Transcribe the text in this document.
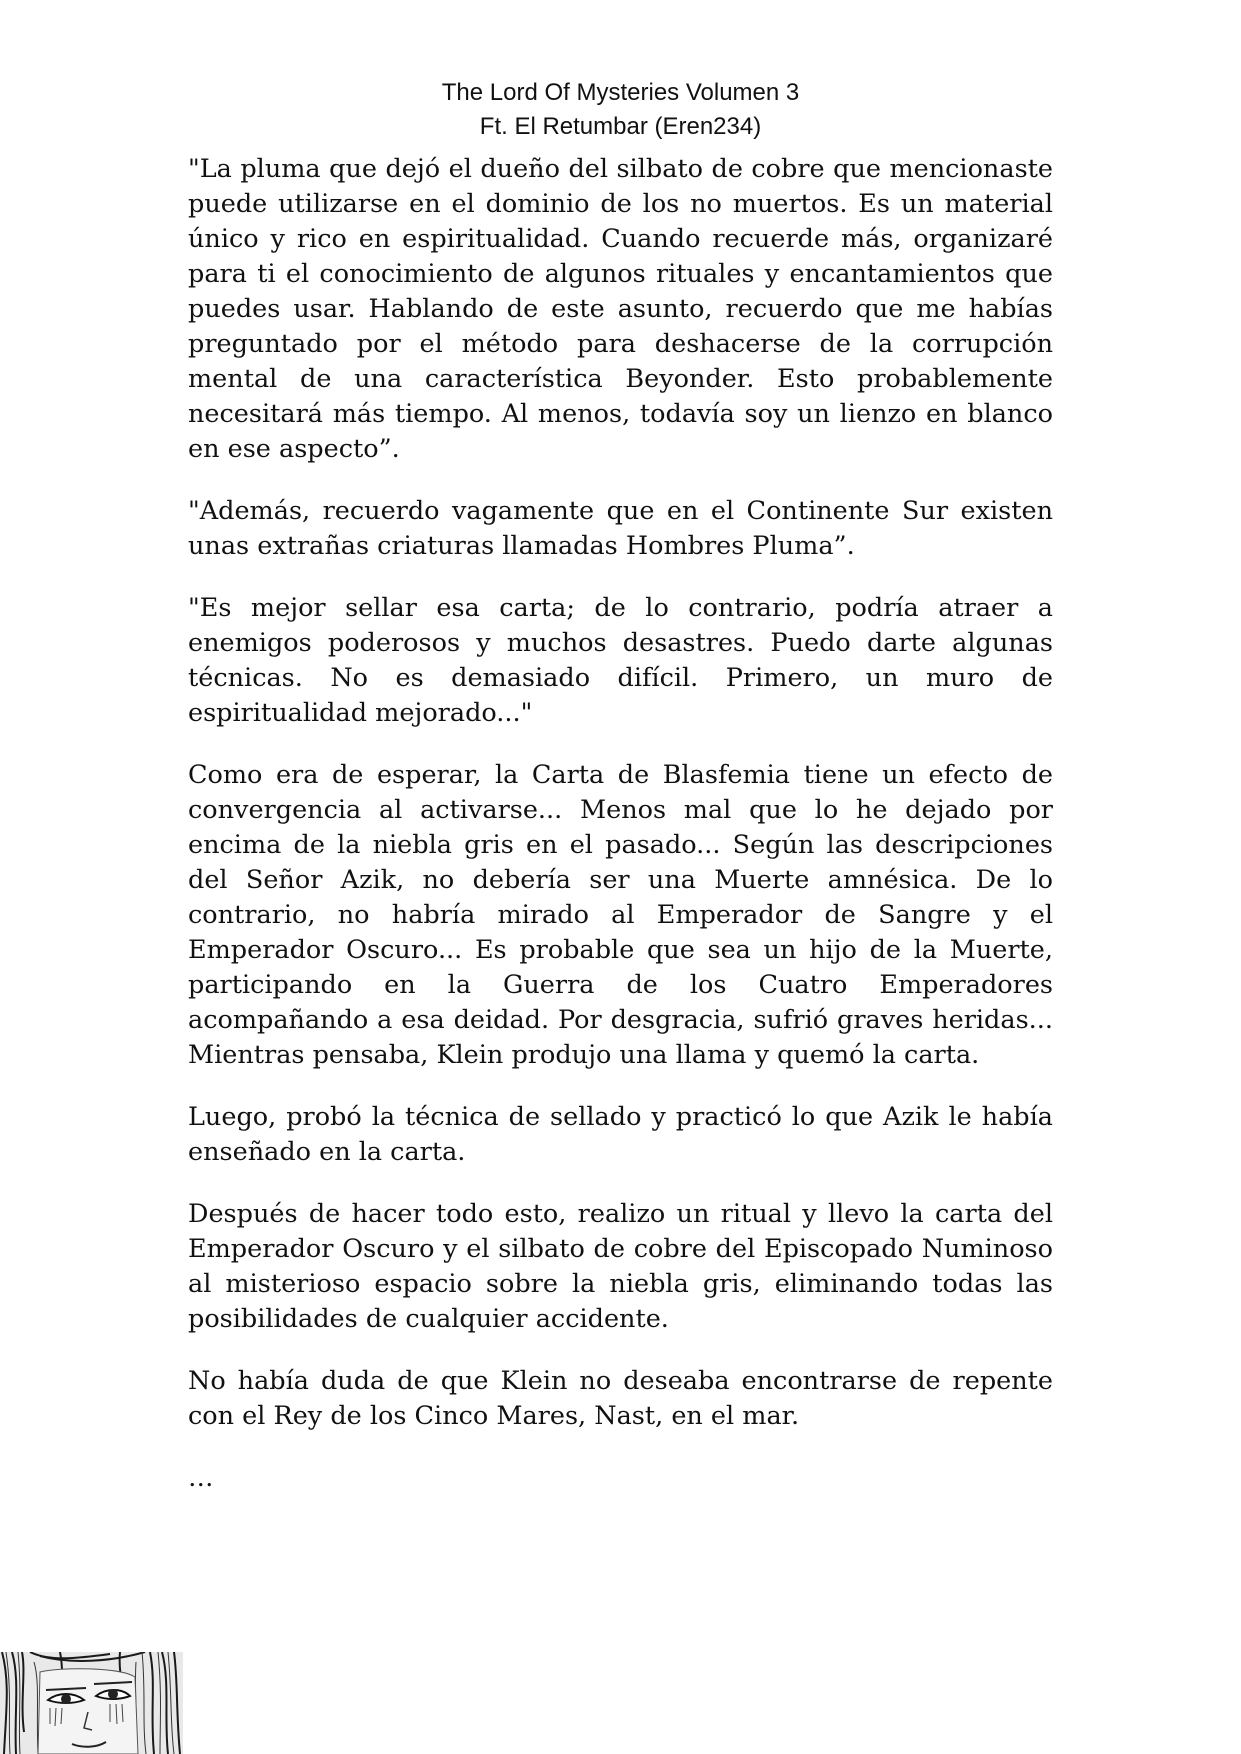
The Lord Of Mysteries Volumen 3
Ft. El Retumbar (Eren234)

"La pluma que dejó el dueño del silbato de cobre que mencionaste puede utilizarse en el dominio de los no muertos. Es un material único y rico en espiritualidad. Cuando recuerde más, organizaré para ti el conocimiento de algunos rituales y encantamientos que puedes usar. Hablando de este asunto, recuerdo que me habías preguntado por el método para deshacerse de la corrupción mental de una característica Beyonder. Esto probablemente necesitará más tiempo. Al menos, todavía soy un lienzo en blanco en ese aspecto”.

"Además, recuerdo vagamente que en el Continente Sur existen unas extrañas criaturas llamadas Hombres Pluma”.

"Es mejor sellar esa carta; de lo contrario, podría atraer a enemigos poderosos y muchos desastres. Puedo darte algunas técnicas. No es demasiado difícil. Primero, un muro de espiritualidad mejorado..."

Como era de esperar, la Carta de Blasfemia tiene un efecto de convergencia al activarse... Menos mal que lo he dejado por encima de la niebla gris en el pasado... Según las descripciones del Señor Azik, no debería ser una Muerte amnésica. De lo contrario, no habría mirado al Emperador de Sangre y el Emperador Oscuro... Es probable que sea un hijo de la Muerte, participando en la Guerra de los Cuatro Emperadores acompañando a esa deidad. Por desgracia, sufrió graves heridas... Mientras pensaba, Klein produjo una llama y quemó la carta.

Luego, probó la técnica de sellado y practicó lo que Azik le había enseñado en la carta.

Después de hacer todo esto, realizo un ritual y llevo la carta del Emperador Oscuro y el silbato de cobre del Episcopado Numinoso al misterioso espacio sobre la niebla gris, eliminando todas las posibilidades de cualquier accidente.

No había duda de que Klein no deseaba encontrarse de repente con el Rey de los Cinco Mares, Nast, en el mar.

…
